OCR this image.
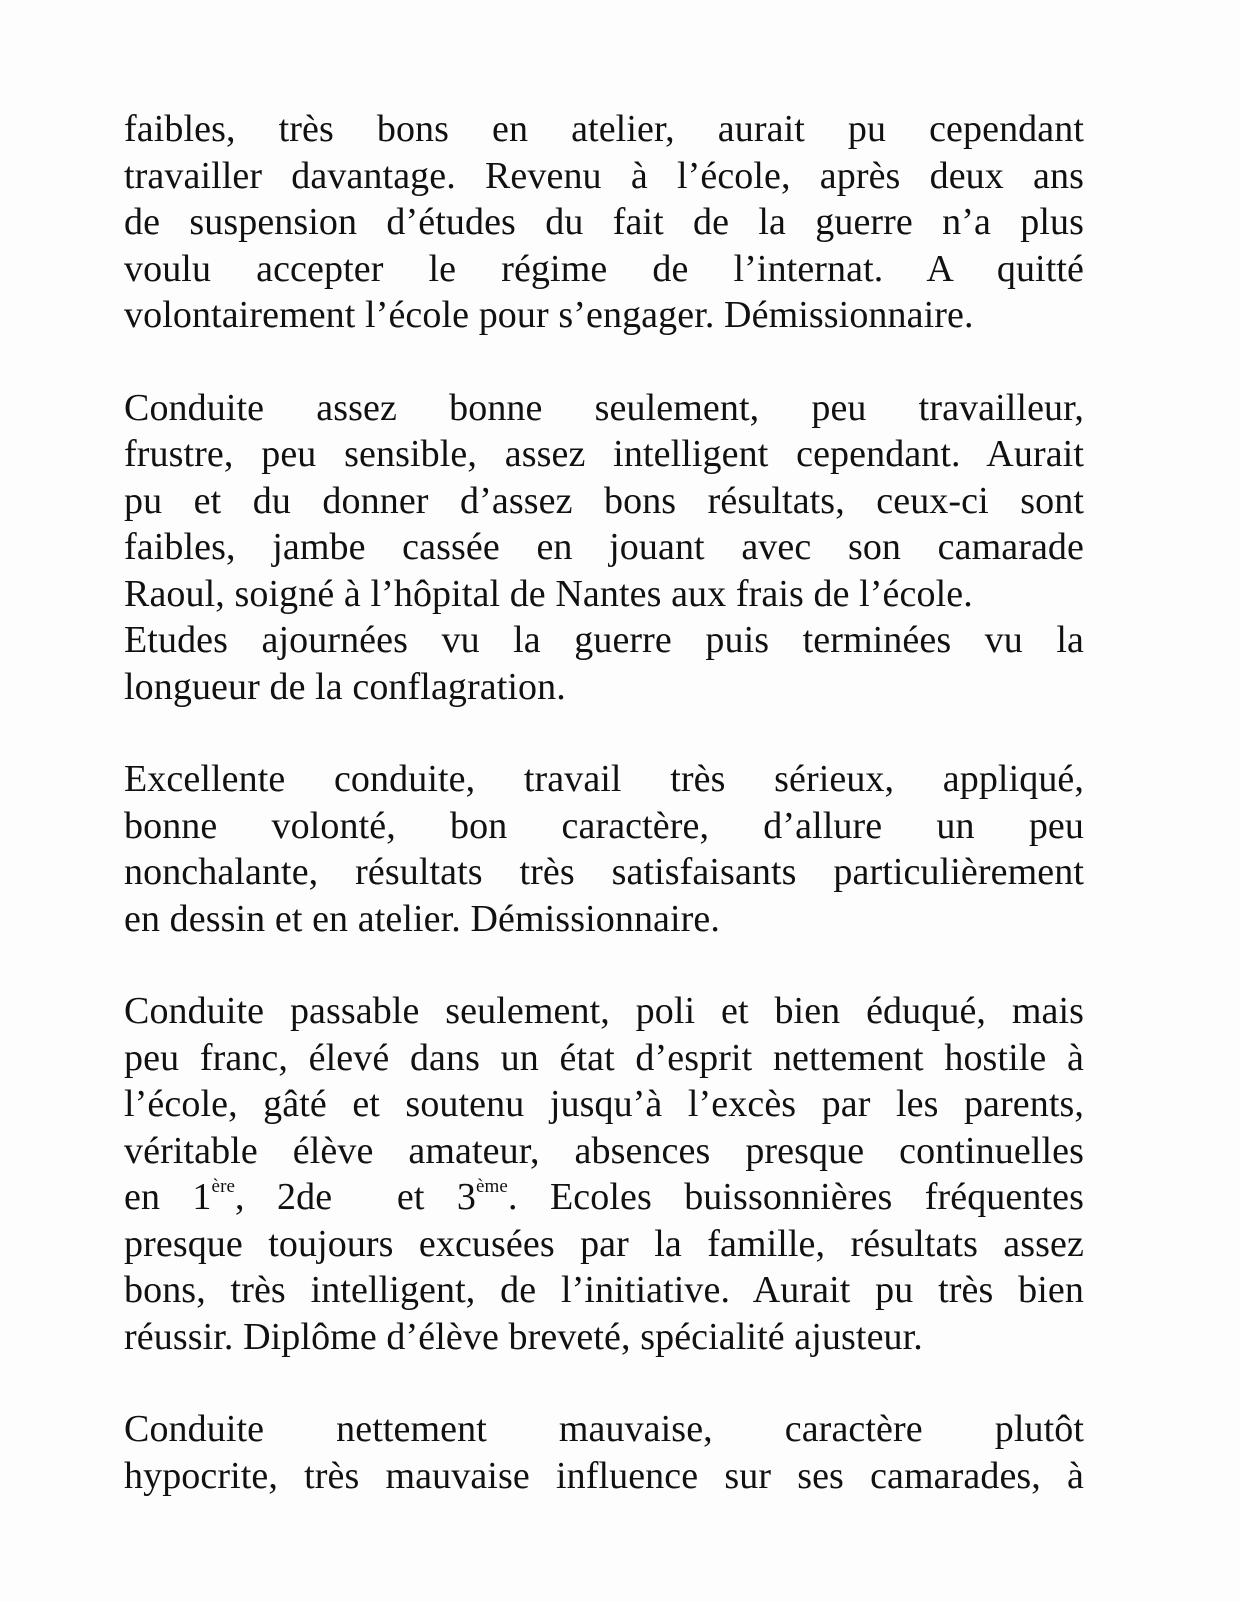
faibles, très bons en atelier, aurait pu cependant
travailler davantage. Revenu à l’école, après deux ans
de suspension d’études du fait de la guerre n’a plus
voulu accepter le régime de l’internat. A quitté
volontairement l’école pour s’engager. Démissionnaire.

Conduite assez bonne seulement, peu travailleur,
frustre, peu sensible, assez intelligent cependant. Aurait
pu et du donner d’assez bons résultats, ceux-ci sont
faibles, jambe cassée en jouant avec son camarade
Raoul, soigné à l’hôpital de Nantes aux frais de l’école.
Etudes ajournées vu la guerre puis terminées vu la
longueur de la conflagration.

Excellente conduite, travail très sérieux, appliqué,
bonne volonté, bon caractère, d’allure un peu
nonchalante, résultats très satisfaisants particulièrement
en dessin et en atelier. Démissionnaire.

Conduite passable seulement, poli et bien éduqué, mais
peu franc, élevé dans un état d’esprit nettement hostile à
l’école, gâté et soutenu jusqu’à l’excès par les parents,
véritable élève amateur, absences presque continuelles
en 1ère, 2de  et 3ème. Ecoles buissonnières fréquentes
presque toujours excusées par la famille, résultats assez
bons, très intelligent, de l’initiative. Aurait pu très bien
réussir. Diplôme d’élève breveté, spécialité ajusteur.

Conduite nettement mauvaise, caractère plutôt
hypocrite, très mauvaise influence sur ses camarades, à
